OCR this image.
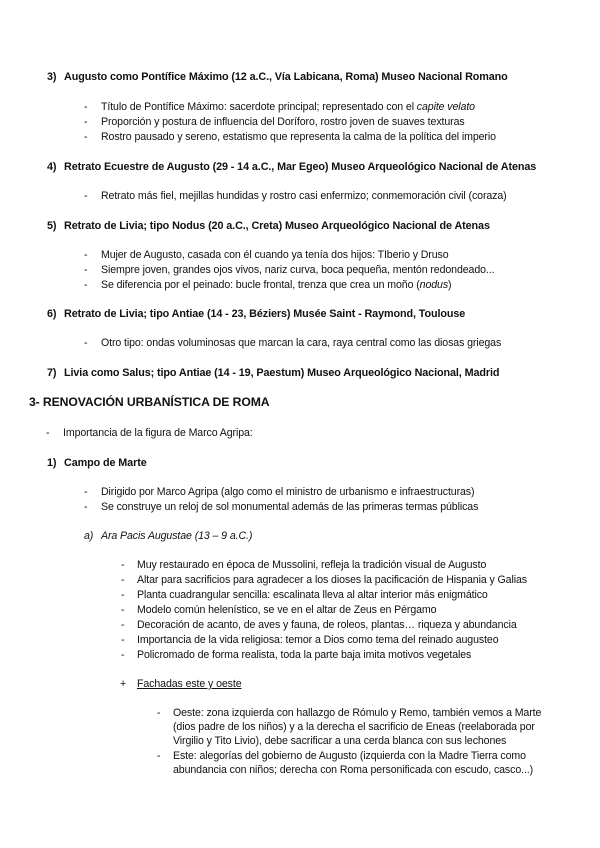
3) Augusto como Pontífice Máximo (12 a.C., Vía Labicana, Roma) Museo Nacional Romano
- Título de Pontífice Máximo: sacerdote principal; representado con el capite velato
- Proporción y postura de influencia del Doríforo, rostro joven de suaves texturas
- Rostro pausado y sereno, estatismo que representa la calma de la política del imperio
4) Retrato Ecuestre de Augusto (29 - 14 a.C., Mar Egeo) Museo Arqueológico Nacional de Atenas
- Retrato más fiel, mejillas hundidas y rostro casi enfermizo; conmemoración civil (coraza)
5) Retrato de Livia; tipo Nodus (20 a.C., Creta) Museo Arqueológico Nacional de Atenas
- Mujer de Augusto, casada con él cuando ya tenía dos hijos: TIberio y Druso
- Siempre joven, grandes ojos vivos, nariz curva, boca pequeña, mentón redondeado...
- Se diferencia por el peinado: bucle frontal, trenza que crea un moño (nodus)
6) Retrato de Livia; tipo Antiae (14 - 23, Béziers) Musée Saint - Raymond, Toulouse
- Otro tipo: ondas voluminosas que marcan la cara, raya central como las diosas griegas
7) Livia como Salus; tipo Antiae (14 - 19, Paestum) Museo Arqueológico Nacional, Madrid
3- RENOVACIÓN URBANÍSTICA DE ROMA
- Importancia de la figura de Marco Agripa:
1) Campo de Marte
- Dirigido por Marco Agripa (algo como el ministro de urbanismo e infraestructuras)
- Se construye un reloj de sol monumental además de las primeras termas públicas
a) Ara Pacis Augustae (13 – 9 a.C.)
- Muy restaurado en época de Mussolini, refleja la tradición visual de Augusto
- Altar para sacrificios para agradecer a los dioses la pacificación de Hispania y Galias
- Planta cuadrangular sencilla: escalinata lleva al altar interior más enigmático
- Modelo común helenístico, se ve en el altar de Zeus en Pérgamo
- Decoración de acanto, de aves y fauna, de roleos, plantas… riqueza y abundancia
- Importancia de la vida religiosa: temor a Dios como tema del reinado augusteo
- Policromado de forma realista, toda la parte baja imita motivos vegetales
+ Fachadas este y oeste
- Oeste: zona izquierda con hallazgo de Rómulo y Remo, también vemos a Marte
(dios padre de los niños) y a la derecha el sacrificio de Eneas (reelaborada por
Virgilio y Tito Livio), debe sacrificar a una cerda blanca con sus lechones
- Este: alegorías del gobierno de Augusto (izquierda con la Madre Tierra como
abundancia con niños; derecha con Roma personificada con escudo, casco...)
